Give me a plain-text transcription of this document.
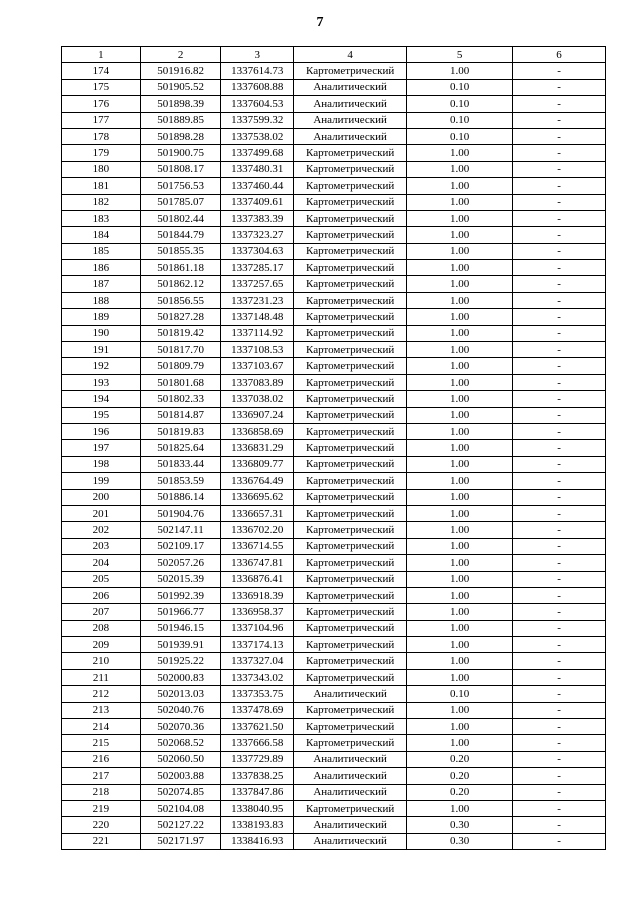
7
1	2	3	4	5	6
174	501916.82	1337614.73	Картометрический	1.00	-
175	501905.52	1337608.88	Аналитический	0.10	-
176	501898.39	1337604.53	Аналитический	0.10	-
177	501889.85	1337599.32	Аналитический	0.10	-
178	501898.28	1337538.02	Аналитический	0.10	-
179	501900.75	1337499.68	Картометрический	1.00	-
180	501808.17	1337480.31	Картометрический	1.00	-
181	501756.53	1337460.44	Картометрический	1.00	-
182	501785.07	1337409.61	Картометрический	1.00	-
183	501802.44	1337383.39	Картометрический	1.00	-
184	501844.79	1337323.27	Картометрический	1.00	-
185	501855.35	1337304.63	Картометрический	1.00	-
186	501861.18	1337285.17	Картометрический	1.00	-
187	501862.12	1337257.65	Картометрический	1.00	-
188	501856.55	1337231.23	Картометрический	1.00	-
189	501827.28	1337148.48	Картометрический	1.00	-
190	501819.42	1337114.92	Картометрический	1.00	-
191	501817.70	1337108.53	Картометрический	1.00	-
192	501809.79	1337103.67	Картометрический	1.00	-
193	501801.68	1337083.89	Картометрический	1.00	-
194	501802.33	1337038.02	Картометрический	1.00	-
195	501814.87	1336907.24	Картометрический	1.00	-
196	501819.83	1336858.69	Картометрический	1.00	-
197	501825.64	1336831.29	Картометрический	1.00	-
198	501833.44	1336809.77	Картометрический	1.00	-
199	501853.59	1336764.49	Картометрический	1.00	-
200	501886.14	1336695.62	Картометрический	1.00	-
201	501904.76	1336657.31	Картометрический	1.00	-
202	502147.11	1336702.20	Картометрический	1.00	-
203	502109.17	1336714.55	Картометрический	1.00	-
204	502057.26	1336747.81	Картометрический	1.00	-
205	502015.39	1336876.41	Картометрический	1.00	-
206	501992.39	1336918.39	Картометрический	1.00	-
207	501966.77	1336958.37	Картометрический	1.00	-
208	501946.15	1337104.96	Картометрический	1.00	-
209	501939.91	1337174.13	Картометрический	1.00	-
210	501925.22	1337327.04	Картометрический	1.00	-
211	502000.83	1337343.02	Картометрический	1.00	-
212	502013.03	1337353.75	Аналитический	0.10	-
213	502040.76	1337478.69	Картометрический	1.00	-
214	502070.36	1337621.50	Картометрический	1.00	-
215	502068.52	1337666.58	Картометрический	1.00	-
216	502060.50	1337729.89	Аналитический	0.20	-
217	502003.88	1337838.25	Аналитический	0.20	-
218	502074.85	1337847.86	Аналитический	0.20	-
219	502104.08	1338040.95	Картометрический	1.00	-
220	502127.22	1338193.83	Аналитический	0.30	-
221	502171.97	1338416.93	Аналитический	0.30	-
